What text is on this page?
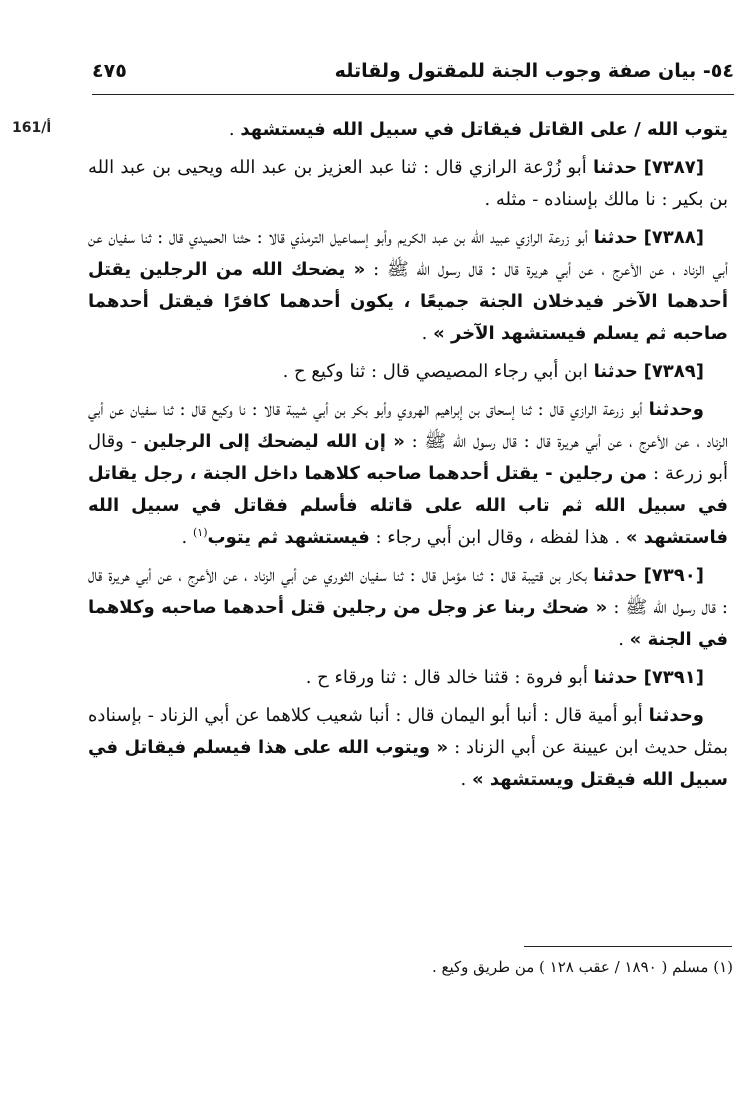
٥٤- بيان صفة وجوب الجنة للمقتول ولقاتله
٤٧٥
161/أ	يتوب الله / على القاتل فيقاتل في سبيل الله فيستشهد .

[٧٣٨٧] حدثنا أبو زُرْعة الرازي قال : ثنا عبد العزيز بن عبد الله ويحيى بن عبد الله بن بكير : نا مالك بإسناده - مثله .

[٧٣٨٨] حدثنا أبو زرعة الرازي عبيد الله بن عبد الكريم وأبو إسماعيل الترمذي قالا : حثنا الحميدي قال : ثنا سفيان عن أبي الزناد ، عن الأعرج ، عن أبي هريرة قال : قال رسول الله ﷺ : « يضحك الله من الرجلين يقتل أحدهما الآخر فيدخلان الجنة جميعًا ، يكون أحدهما كافرًا فيقتل أحدهما صاحبه ثم يسلم فيستشهد الآخر » .

[٧٣٨٩] حدثنا ابن أبي رجاء المصيصي قال : ثنا وكيع ح .

وحدثنا أبو زرعة الرازي قال : ثنا إسحاق بن إبراهيم الهروي وأبو بكر بن أبي شيبة قالا : نا وكيع قال : ثنا سفيان عن أبي الزناد ، عن الأعرج ، عن أبي هريرة قال : قال رسول الله ﷺ : « إن الله ليضحك إلى الرجلين - وقال أبو زرعة : من رجلين - يقتل أحدهما صاحبه كلاهما داخل الجنة ، رجل يقاتل في سبيل الله ثم تاب الله على قاتله فأسلم فقاتل في سبيل الله فاستشهد » . هذا لفظه ، وقال ابن أبي رجاء : فيستشهد ثم يتوب$^{(١)}$ .

[٧٣٩٠] حدثنا بكار بن قتيبة قال : ثنا مؤمل قال : ثنا سفيان الثوري عن أبي الزناد ، عن الأعرج ، عن أبي هريرة قال : قال رسول الله ﷺ : « ضحك ربنا عز وجل من رجلين قتل أحدهما صاحبه وكلاهما في الجنة » .

[٧٣٩١] حدثنا أبو فروة : قثنا خالد قال : ثنا ورقاء ح .

وحدثنا أبو أمية قال : أنبا أبو اليمان قال : أنبا شعيب كلاهما عن أبي الزناد - بإسناده بمثل حديث ابن عيينة عن أبي الزناد : « ويتوب الله على هذا فيسلم فيقاتل في سبيل الله فيقتل ويستشهد » .

(١) مسلم ( ١٨٩٠ / عقب ١٢٨ ) من طريق وكيع .
